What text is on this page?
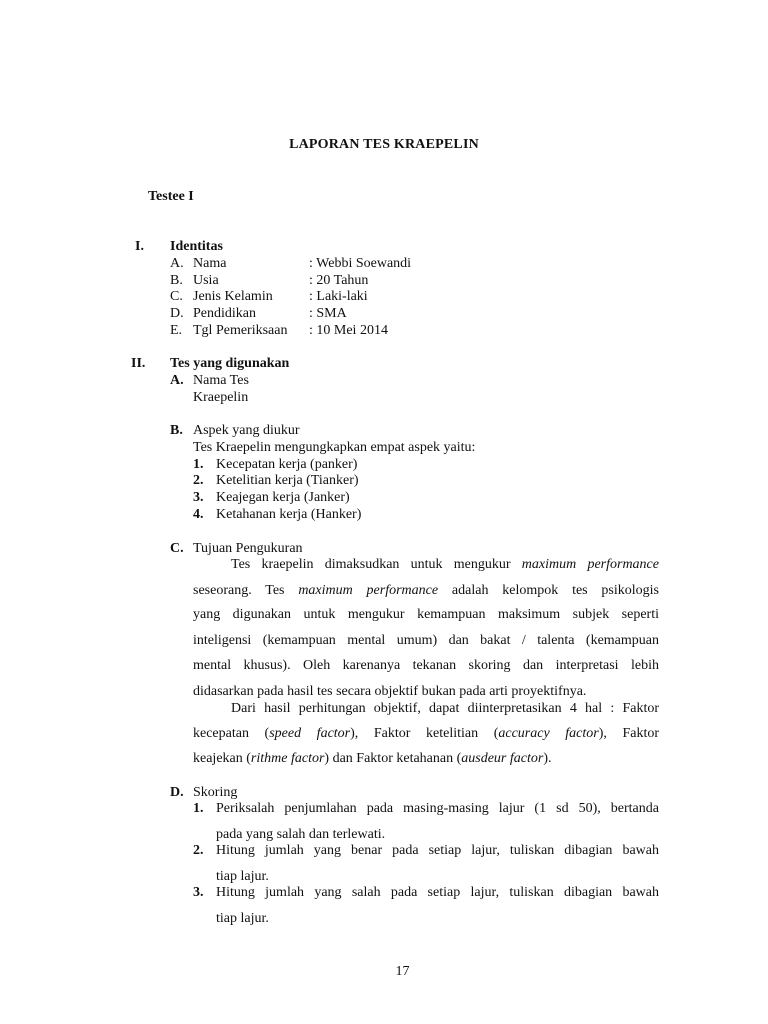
LAPORAN TES KRAEPELIN
Testee I
I. Identitas
A. Nama	: Webbi Soewandi
B. Usia	: 20 Tahun
C. Jenis Kelamin	: Laki-laki
D. Pendidikan	: SMA
E. Tgl Pemeriksaan : 10 Mei 2014
II. Tes yang digunakan
A. Nama Tes
Kraepelin
B. Aspek yang diukur
Tes Kraepelin mengungkapkan empat aspek yaitu:
1. Kecepatan kerja (panker)
2. Ketelitian kerja (Tianker)
3. Keajegan kerja (Janker)
4. Ketahanan kerja (Hanker)
C. Tujuan Pengukuran
Tes kraepelin dimaksudkan untuk mengukur maximum performance
seseorang. Tes maximum performance adalah kelompok tes psikologis
yang digunakan untuk mengukur kemampuan maksimum subjek seperti
inteligensi (kemampuan mental umum) dan bakat / talenta (kemampuan
mental khusus). Oleh karenanya tekanan skoring dan interpretasi lebih
didasarkan pada hasil tes secara objektif bukan pada arti proyektifnya.
Dari hasil perhitungan objektif, dapat diinterpretasikan 4 hal : Faktor
kecepatan (speed factor), Faktor ketelitian (accuracy factor), Faktor
keajekan (rithme factor) dan Faktor ketahanan (ausdeur factor).
D. Skoring
1. Periksalah penjumlahan pada masing-masing lajur (1 sd 50), bertanda
pada yang salah dan terlewati.
2. Hitung jumlah yang benar pada setiap lajur, tuliskan dibagian bawah
tiap lajur.
3. Hitung jumlah yang salah pada setiap lajur, tuliskan dibagian bawah
tiap lajur.
17
